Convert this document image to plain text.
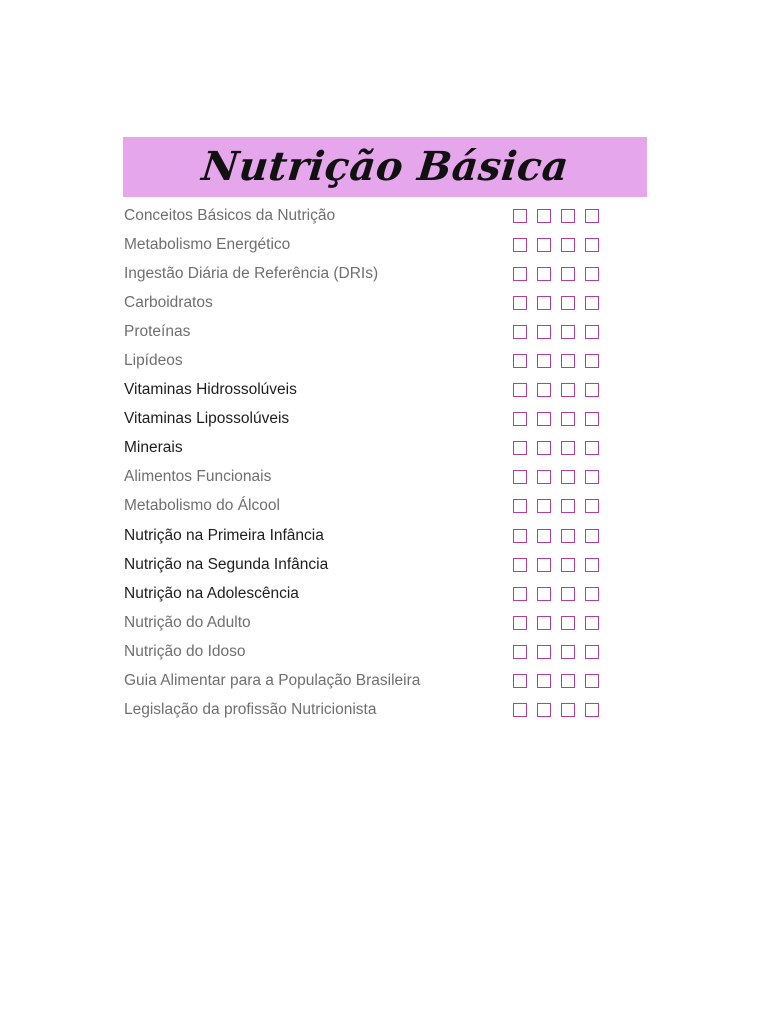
Nutrição Básica
Conceitos Básicos da Nutrição
Metabolismo Energético
Ingestão Diária de Referência (DRIs)
Carboidratos
Proteínas
Lipídeos
Vitaminas Hidrossolúveis
Vitaminas Lipossolúveis
Minerais
Alimentos Funcionais
Metabolismo do Álcool
Nutrição na Primeira Infância
Nutrição na Segunda Infância
Nutrição na Adolescência
Nutrição do Adulto
Nutrição do Idoso
Guia Alimentar para a População Brasileira
Legislação da profissão Nutricionista
